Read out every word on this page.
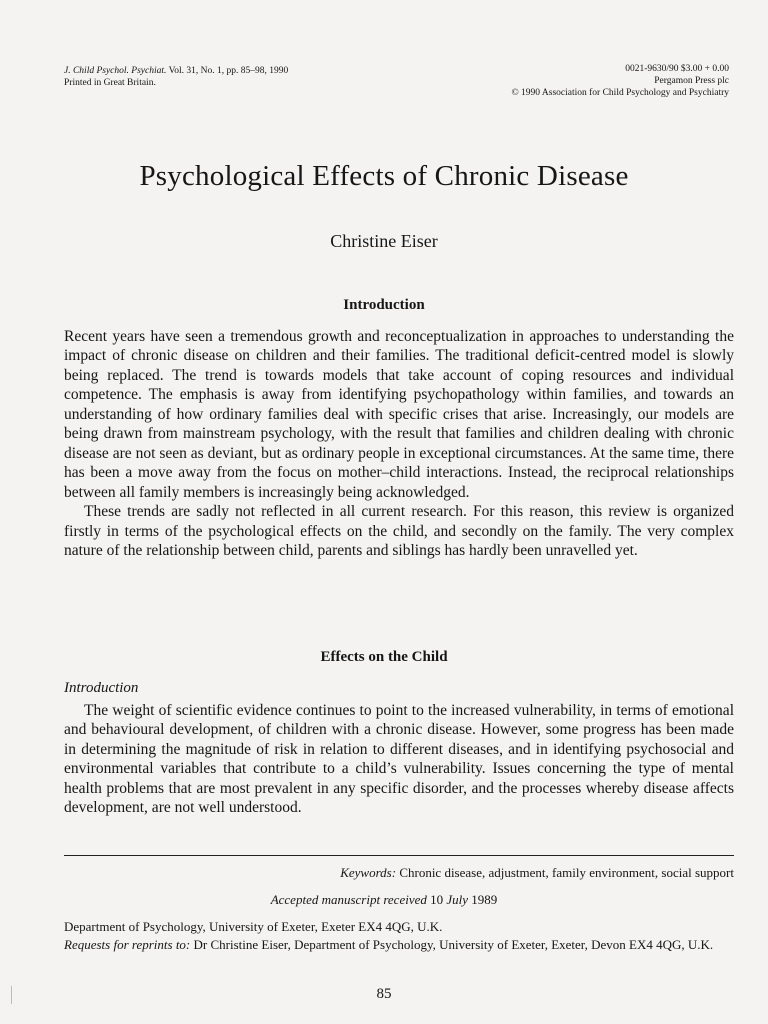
J. Child Psychol. Psychiat. Vol. 31, No. 1, pp. 85–98, 1990
Printed in Great Britain.
0021-9630/90 $3.00 + 0.00
Pergamon Press plc
© 1990 Association for Child Psychology and Psychiatry
Psychological Effects of Chronic Disease
Christine Eiser
Introduction

Recent years have seen a tremendous growth and reconceptualization in approaches to understanding the impact of chronic disease on children and their families. The traditional deficit-centred model is slowly being replaced. The trend is towards models that take account of coping resources and individual competence. The emphasis is away from identifying psychopathology within families, and towards an understanding of how ordinary families deal with specific crises that arise. Increasingly, our models are being drawn from mainstream psychology, with the result that families and children dealing with chronic disease are not seen as deviant, but as ordinary people in exceptional circumstances. At the same time, there has been a move away from the focus on mother–child interactions. Instead, the reciprocal relationships between all family members is increasingly being acknowledged.

These trends are sadly not reflected in all current research. For this reason, this review is organized firstly in terms of the psychological effects on the child, and secondly on the family. The very complex nature of the relationship between child, parents and siblings has hardly been unravelled yet.

Effects on the Child
Introduction

The weight of scientific evidence continues to point to the increased vulnerability, in terms of emotional and behavioural development, of children with a chronic disease. However, some progress has been made in determining the magnitude of risk in relation to different diseases, and in identifying psychosocial and environmental variables that contribute to a child’s vulnerability. Issues concerning the type of mental health problems that are most prevalent in any specific disorder, and the processes whereby disease affects development, are not well understood.

Keywords: Chronic disease, adjustment, family environment, social support
Accepted manuscript received 10 July 1989
Department of Psychology, University of Exeter, Exeter EX4 4QG, U.K.
Requests for reprints to: Dr Christine Eiser, Department of Psychology, University of Exeter, Exeter, Devon EX4 4QG, U.K.
85
